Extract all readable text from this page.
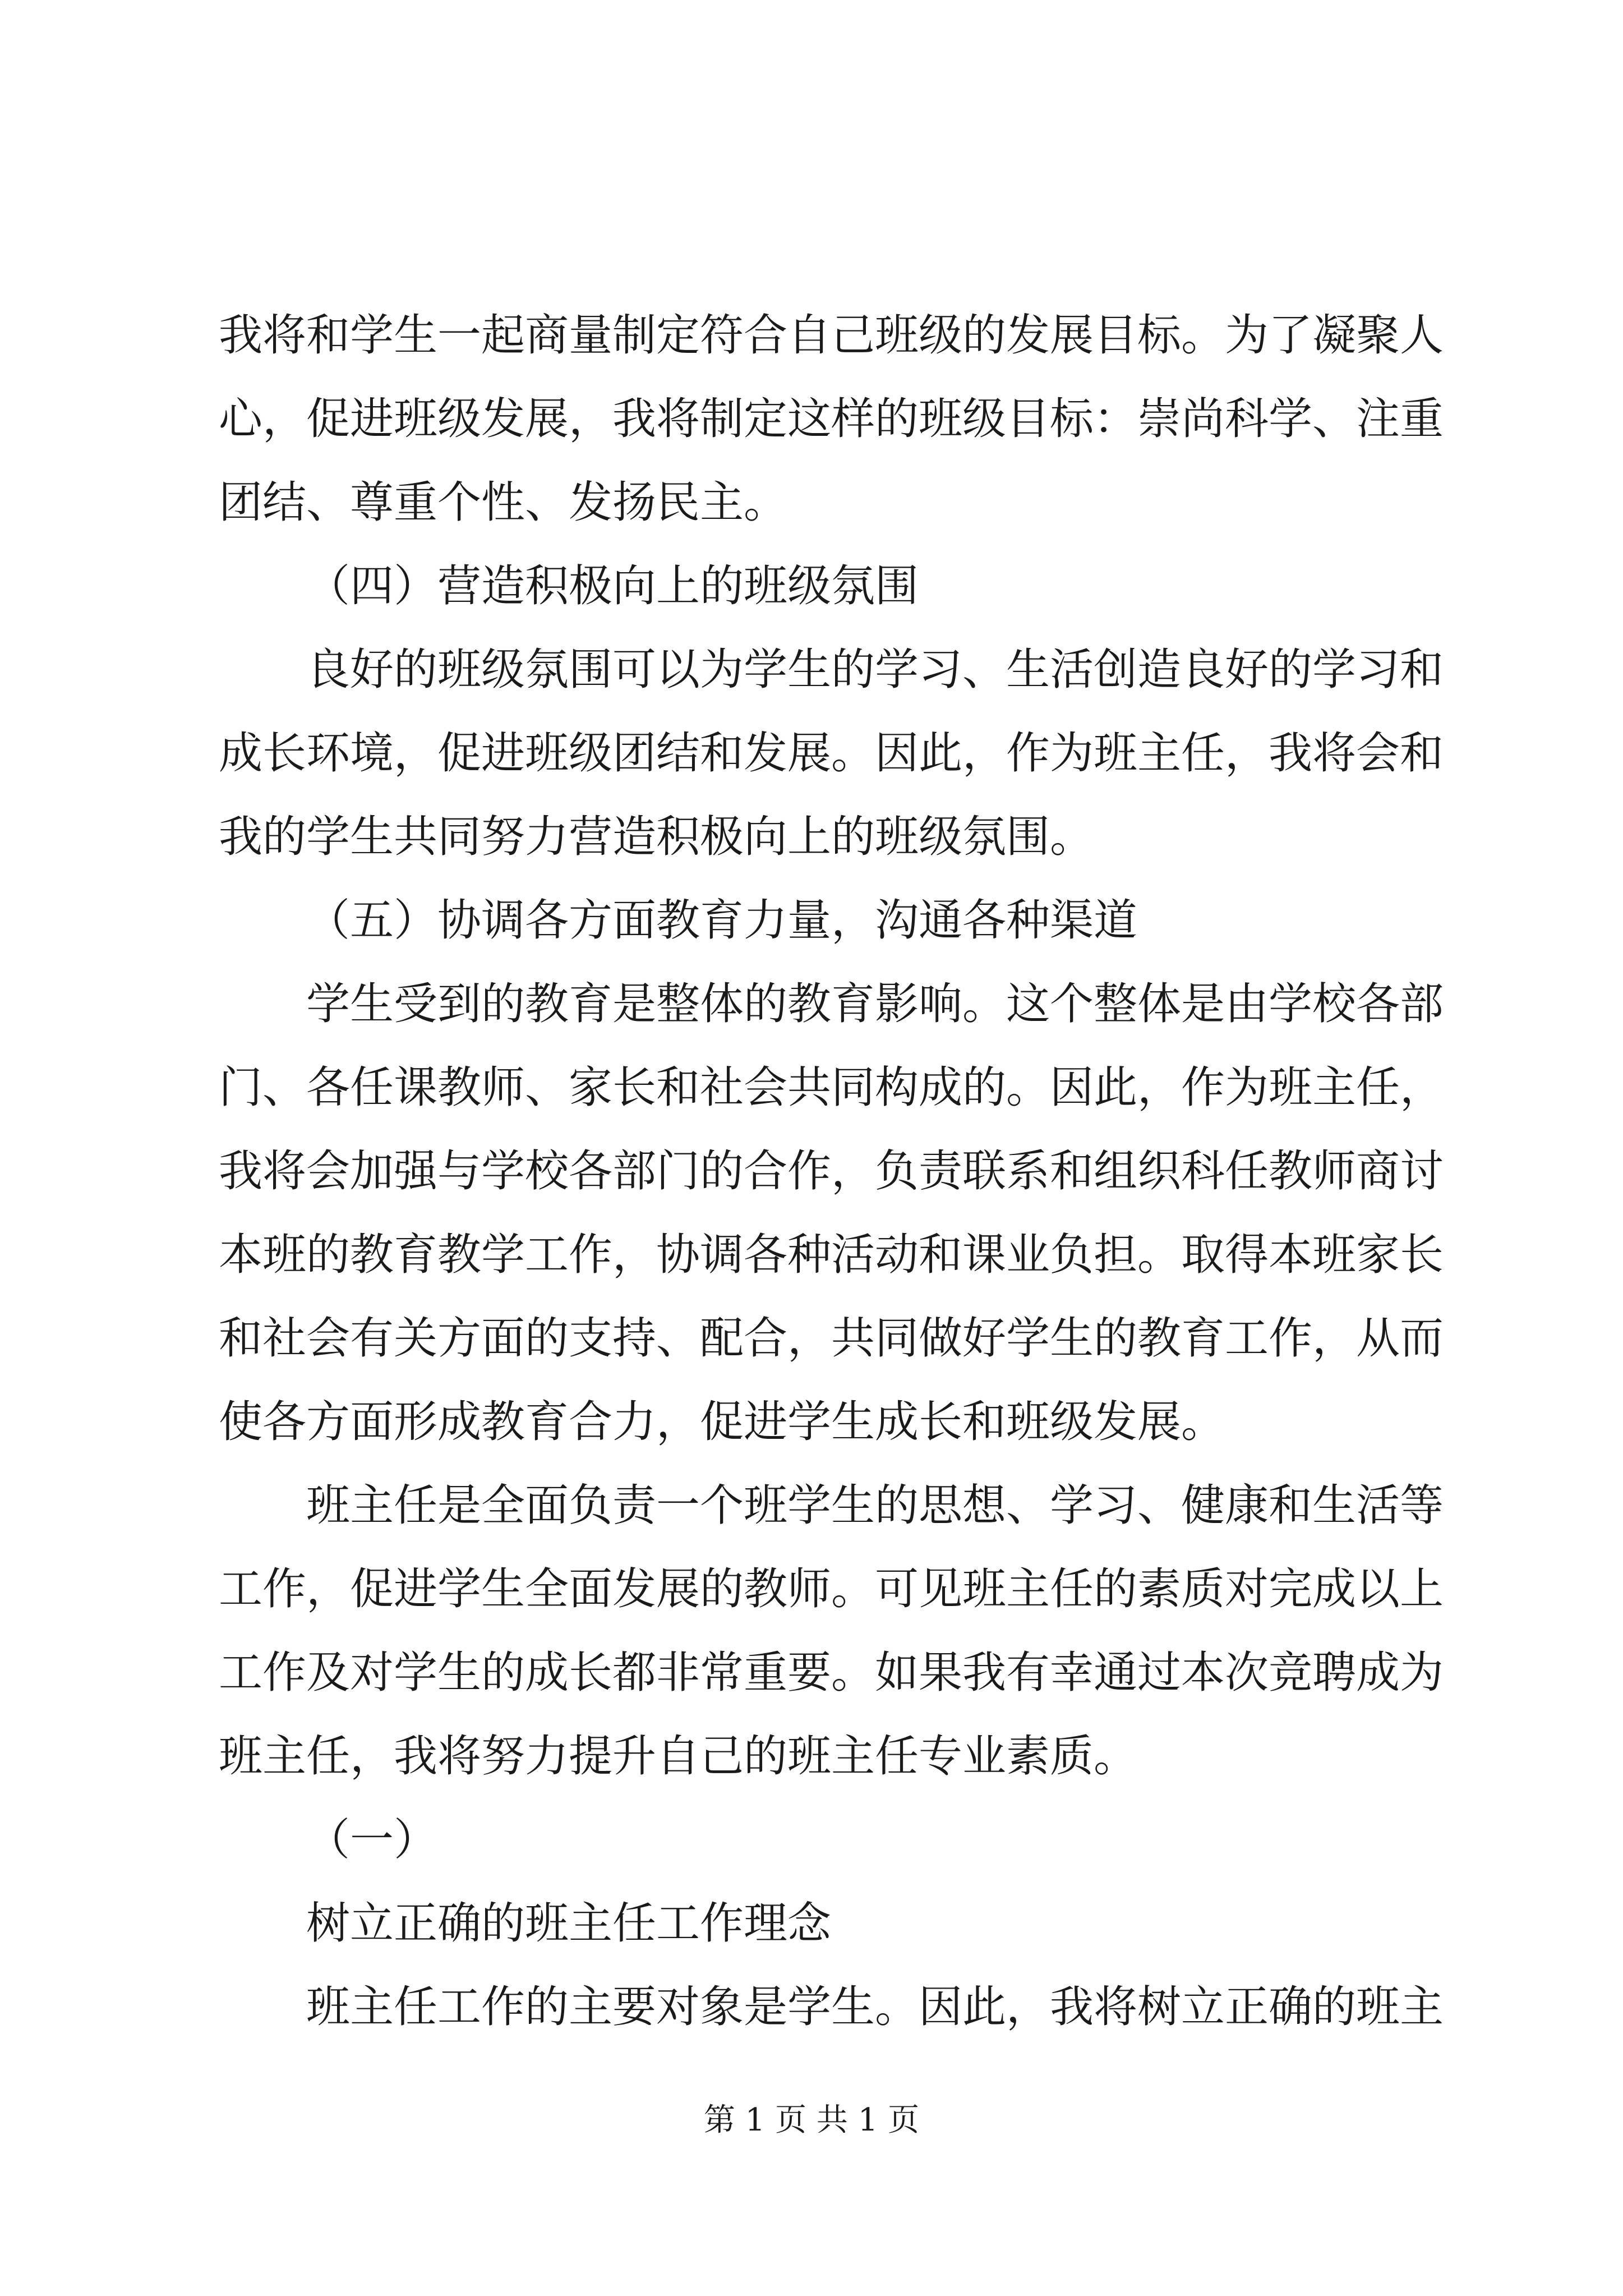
我将和学生一起商量制定符合自己班级的发展目标。为了凝聚人
心，促进班级发展，我将制定这样的班级目标：崇尚科学、注重
团结、尊重个性、发扬民主。
（四）营造积极向上的班级氛围
良好的班级氛围可以为学生的学习、生活创造良好的学习和
成长环境，促进班级团结和发展。因此，作为班主任，我将会和
我的学生共同努力营造积极向上的班级氛围。
（五）协调各方面教育力量，沟通各种渠道
学生受到的教育是整体的教育影响。这个整体是由学校各部
门、各任课教师、家长和社会共同构成的。因此，作为班主任，
我将会加强与学校各部门的合作，负责联系和组织科任教师商讨
本班的教育教学工作，协调各种活动和课业负担。取得本班家长
和社会有关方面的支持、配合，共同做好学生的教育工作，从而
使各方面形成教育合力，促进学生成长和班级发展。
班主任是全面负责一个班学生的思想、学习、健康和生活等
工作，促进学生全面发展的教师。可见班主任的素质对完成以上
工作及对学生的成长都非常重要。如果我有幸通过本次竞聘成为
班主任，我将努力提升自己的班主任专业素质。
（一）
树立正确的班主任工作理念
班主任工作的主要对象是学生。因此，我将树立正确的班主
第 1 页 共 1 页
